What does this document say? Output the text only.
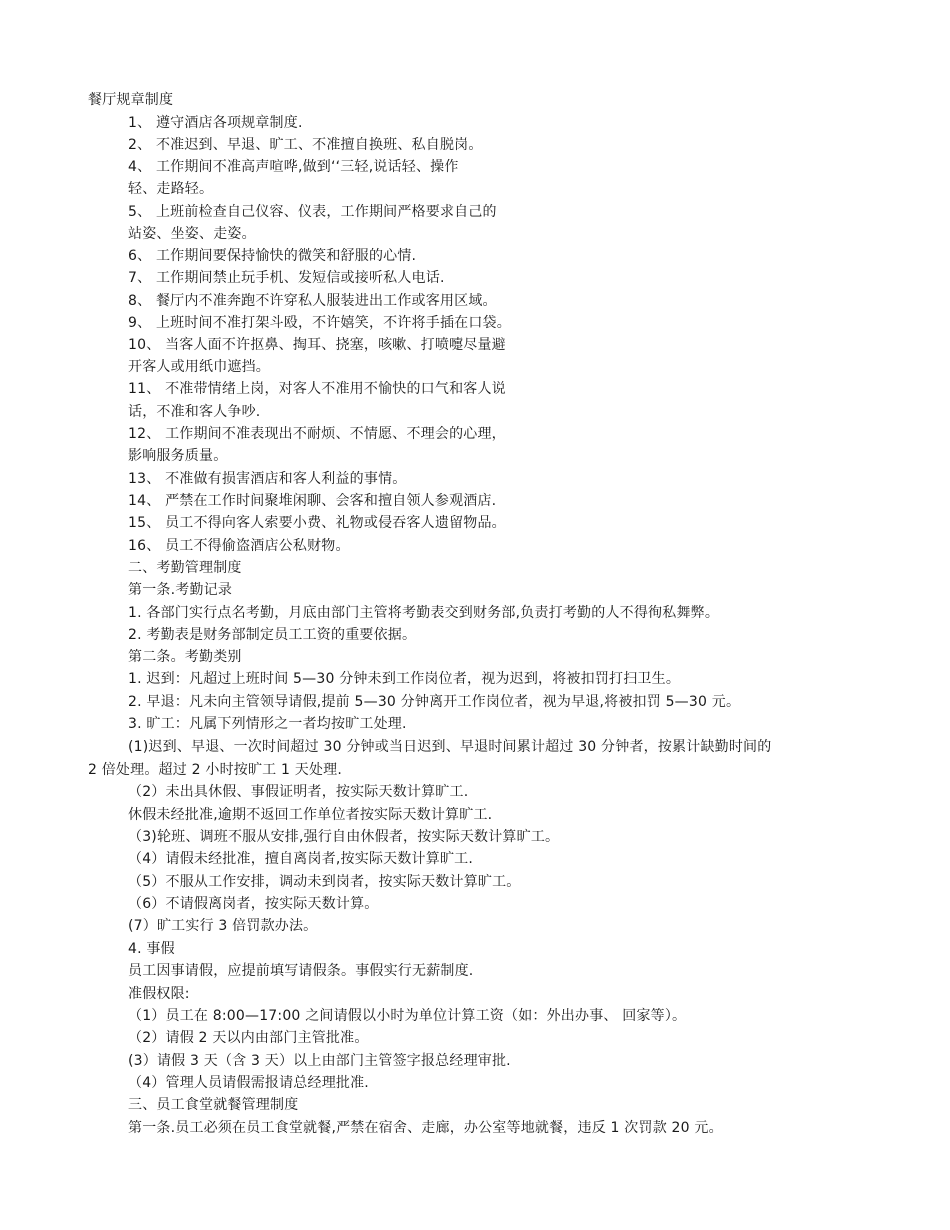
餐厅规章制度
1、 遵守酒店各项规章制度.
2、 不准迟到、早退、旷工、不准擅自换班、私自脱岗。
4、 工作期间不准高声喧哗,做到‘‘三轻,说话轻、操作
轻、走路轻。
5、 上班前检查自己仪容、仪表，工作期间严格要求自己的
站姿、坐姿、走姿。
6、 工作期间要保持愉快的微笑和舒服的心情.
7、 工作期间禁止玩手机、发短信或接听私人电话.
8、 餐厅内不准奔跑不许穿私人服装进出工作或客用区域。
9、 上班时间不准打架斗殴，不许嬉笑，不许将手插在口袋。
10、 当客人面不许抠鼻、掏耳、挠塞，咳嗽、打喷嚏尽量避
开客人或用纸巾遮挡。
11、 不准带情绪上岗，对客人不准用不愉快的口气和客人说
话，不准和客人争吵.
12、 工作期间不准表现出不耐烦、不情愿、不理会的心理，
影响服务质量。
13、 不准做有损害酒店和客人利益的事情。
14、 严禁在工作时间聚堆闲聊、会客和擅自领人参观酒店.
15、 员工不得向客人索要小费、礼物或侵吞客人遗留物品。
16、 员工不得偷盗酒店公私财物。
二、考勤管理制度
第一条.考勤记录
1. 各部门实行点名考勤，月底由部门主管将考勤表交到财务部,负责打考勤的人不得徇私舞弊。
2. 考勤表是财务部制定员工工资的重要依据。
第二条。考勤类别
1. 迟到：凡超过上班时间 5—30 分钟未到工作岗位者，视为迟到，将被扣罚打扫卫生。
2. 早退：凡未向主管领导请假,提前 5—30 分钟离开工作岗位者，视为早退,将被扣罚 5—30 元。
3. 旷工：凡属下列情形之一者均按旷工处理.
(1)迟到、早退、一次时间超过 30 分钟或当日迟到、早退时间累计超过 30 分钟者，按累计缺勤时间的
2 倍处理。超过 2 小时按旷工 1 天处理.
（2）未出具休假、事假证明者，按实际天数计算旷工.
休假未经批准,逾期不返回工作单位者按实际天数计算旷工.
（3)轮班、调班不服从安排,强行自由休假者，按实际天数计算旷工。
（4）请假未经批准，擅自离岗者,按实际天数计算旷工.
（5）不服从工作安排，调动未到岗者，按实际天数计算旷工。
（6）不请假离岗者，按实际天数计算。
(7）旷工实行 3 倍罚款办法。
4. 事假
员工因事请假，应提前填写请假条。事假实行无薪制度.
准假权限:
（1）员工在 8:00—17:00 之间请假以小时为单位计算工资（如：外出办事、 回家等）。
（2）请假 2 天以内由部门主管批准。
(3）请假 3 天（含 3 天）以上由部门主管签字报总经理审批.
（4）管理人员请假需报请总经理批准.
三、员工食堂就餐管理制度
第一条.员工必须在员工食堂就餐,严禁在宿舍、走廊，办公室等地就餐，违反 1 次罚款 20 元。
